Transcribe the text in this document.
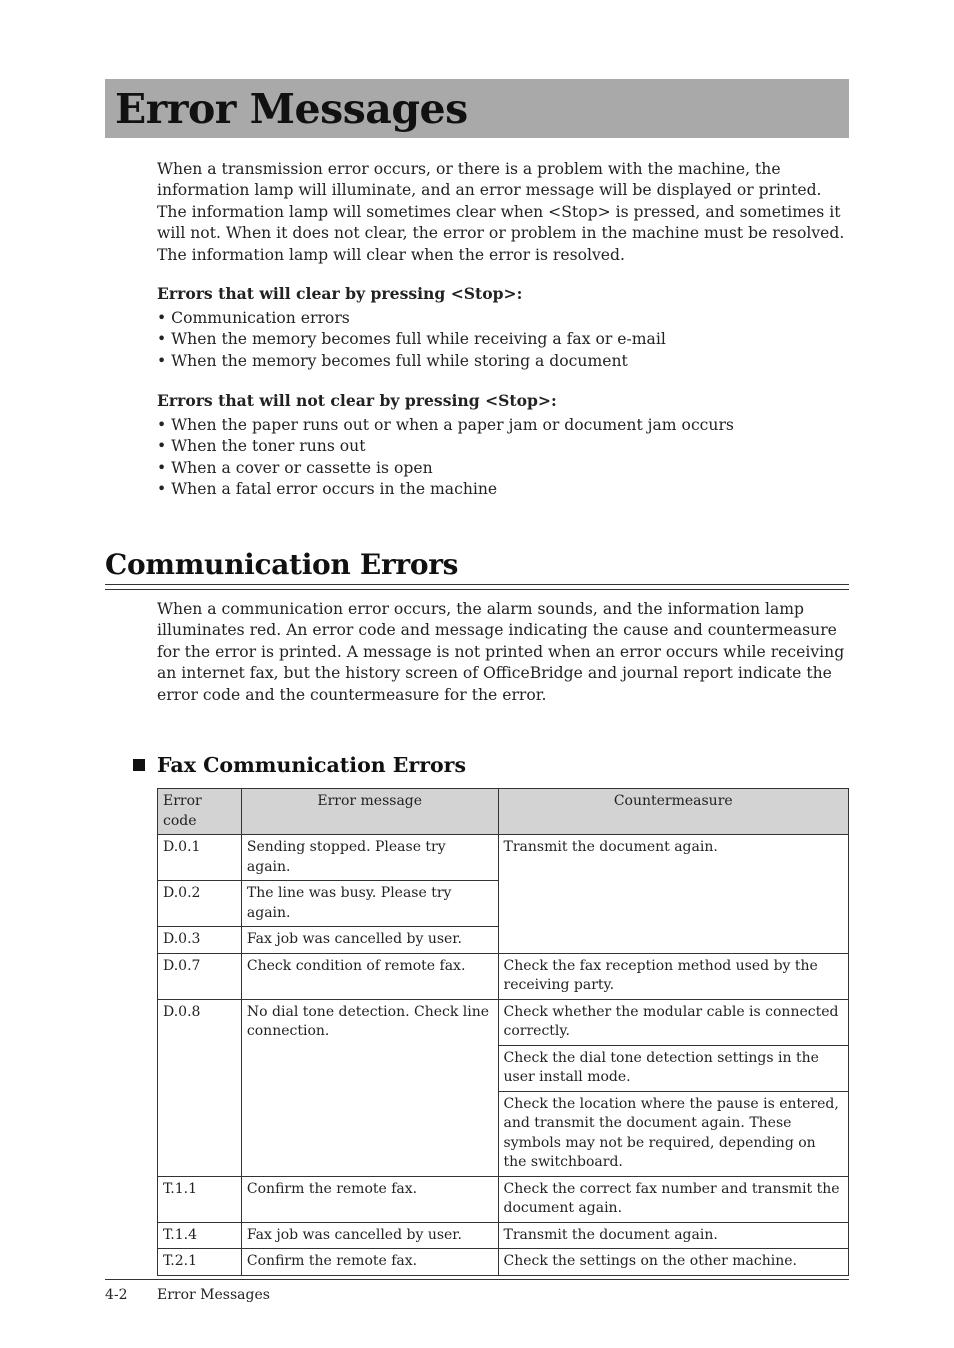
Error Messages

When a transmission error occurs, or there is a problem with the machine, the information lamp will illuminate, and an error message will be displayed or printed.

The information lamp will sometimes clear when <Stop> is pressed, and sometimes it will not. When it does not clear, the error or problem in the machine must be resolved. The information lamp will clear when the error is resolved.

Errors that will clear by pressing <Stop>:
• Communication errors
• When the memory becomes full while receiving a fax or e-mail
• When the memory becomes full while storing a document
Errors that will not clear by pressing <Stop>:
• When the paper runs out or when a paper jam or document jam occurs
• When the toner runs out
• When a cover or cassette is open
• When a fatal error occurs in the machine
Communication Errors

When a communication error occurs, the alarm sounds, and the information lamp illuminates red. An error code and message indicating the cause and countermeasure for the error is printed. A message is not printed when an error occurs while receiving an internet fax, but the history screen of OfficeBridge and journal report indicate the error code and the countermeasure for the error.

Fax Communication Errors
Error code	Error message	Countermeasure
D.0.1	Sending stopped. Please try again.	Transmit the document again.
D.0.2	The line was busy. Please try again.	
D.0.3	Fax job was cancelled by user.	
D.0.7	Check condition of remote fax.	Check the fax reception method used by the receiving party.
D.0.8	No dial tone detection. Check line connection.	Check whether the modular cable is connected correctly.
		Check the dial tone detection settings in the user install mode.
		Check the location where the pause is entered, and transmit the document again. These symbols may not be required, depending on the switchboard.
T.1.1	Confirm the remote fax.	Check the correct fax number and transmit the document again.
T.1.4	Fax job was cancelled by user.	Transmit the document again.
T.2.1	Confirm the remote fax.	Check the settings on the other machine.
4-2 Error Messages
